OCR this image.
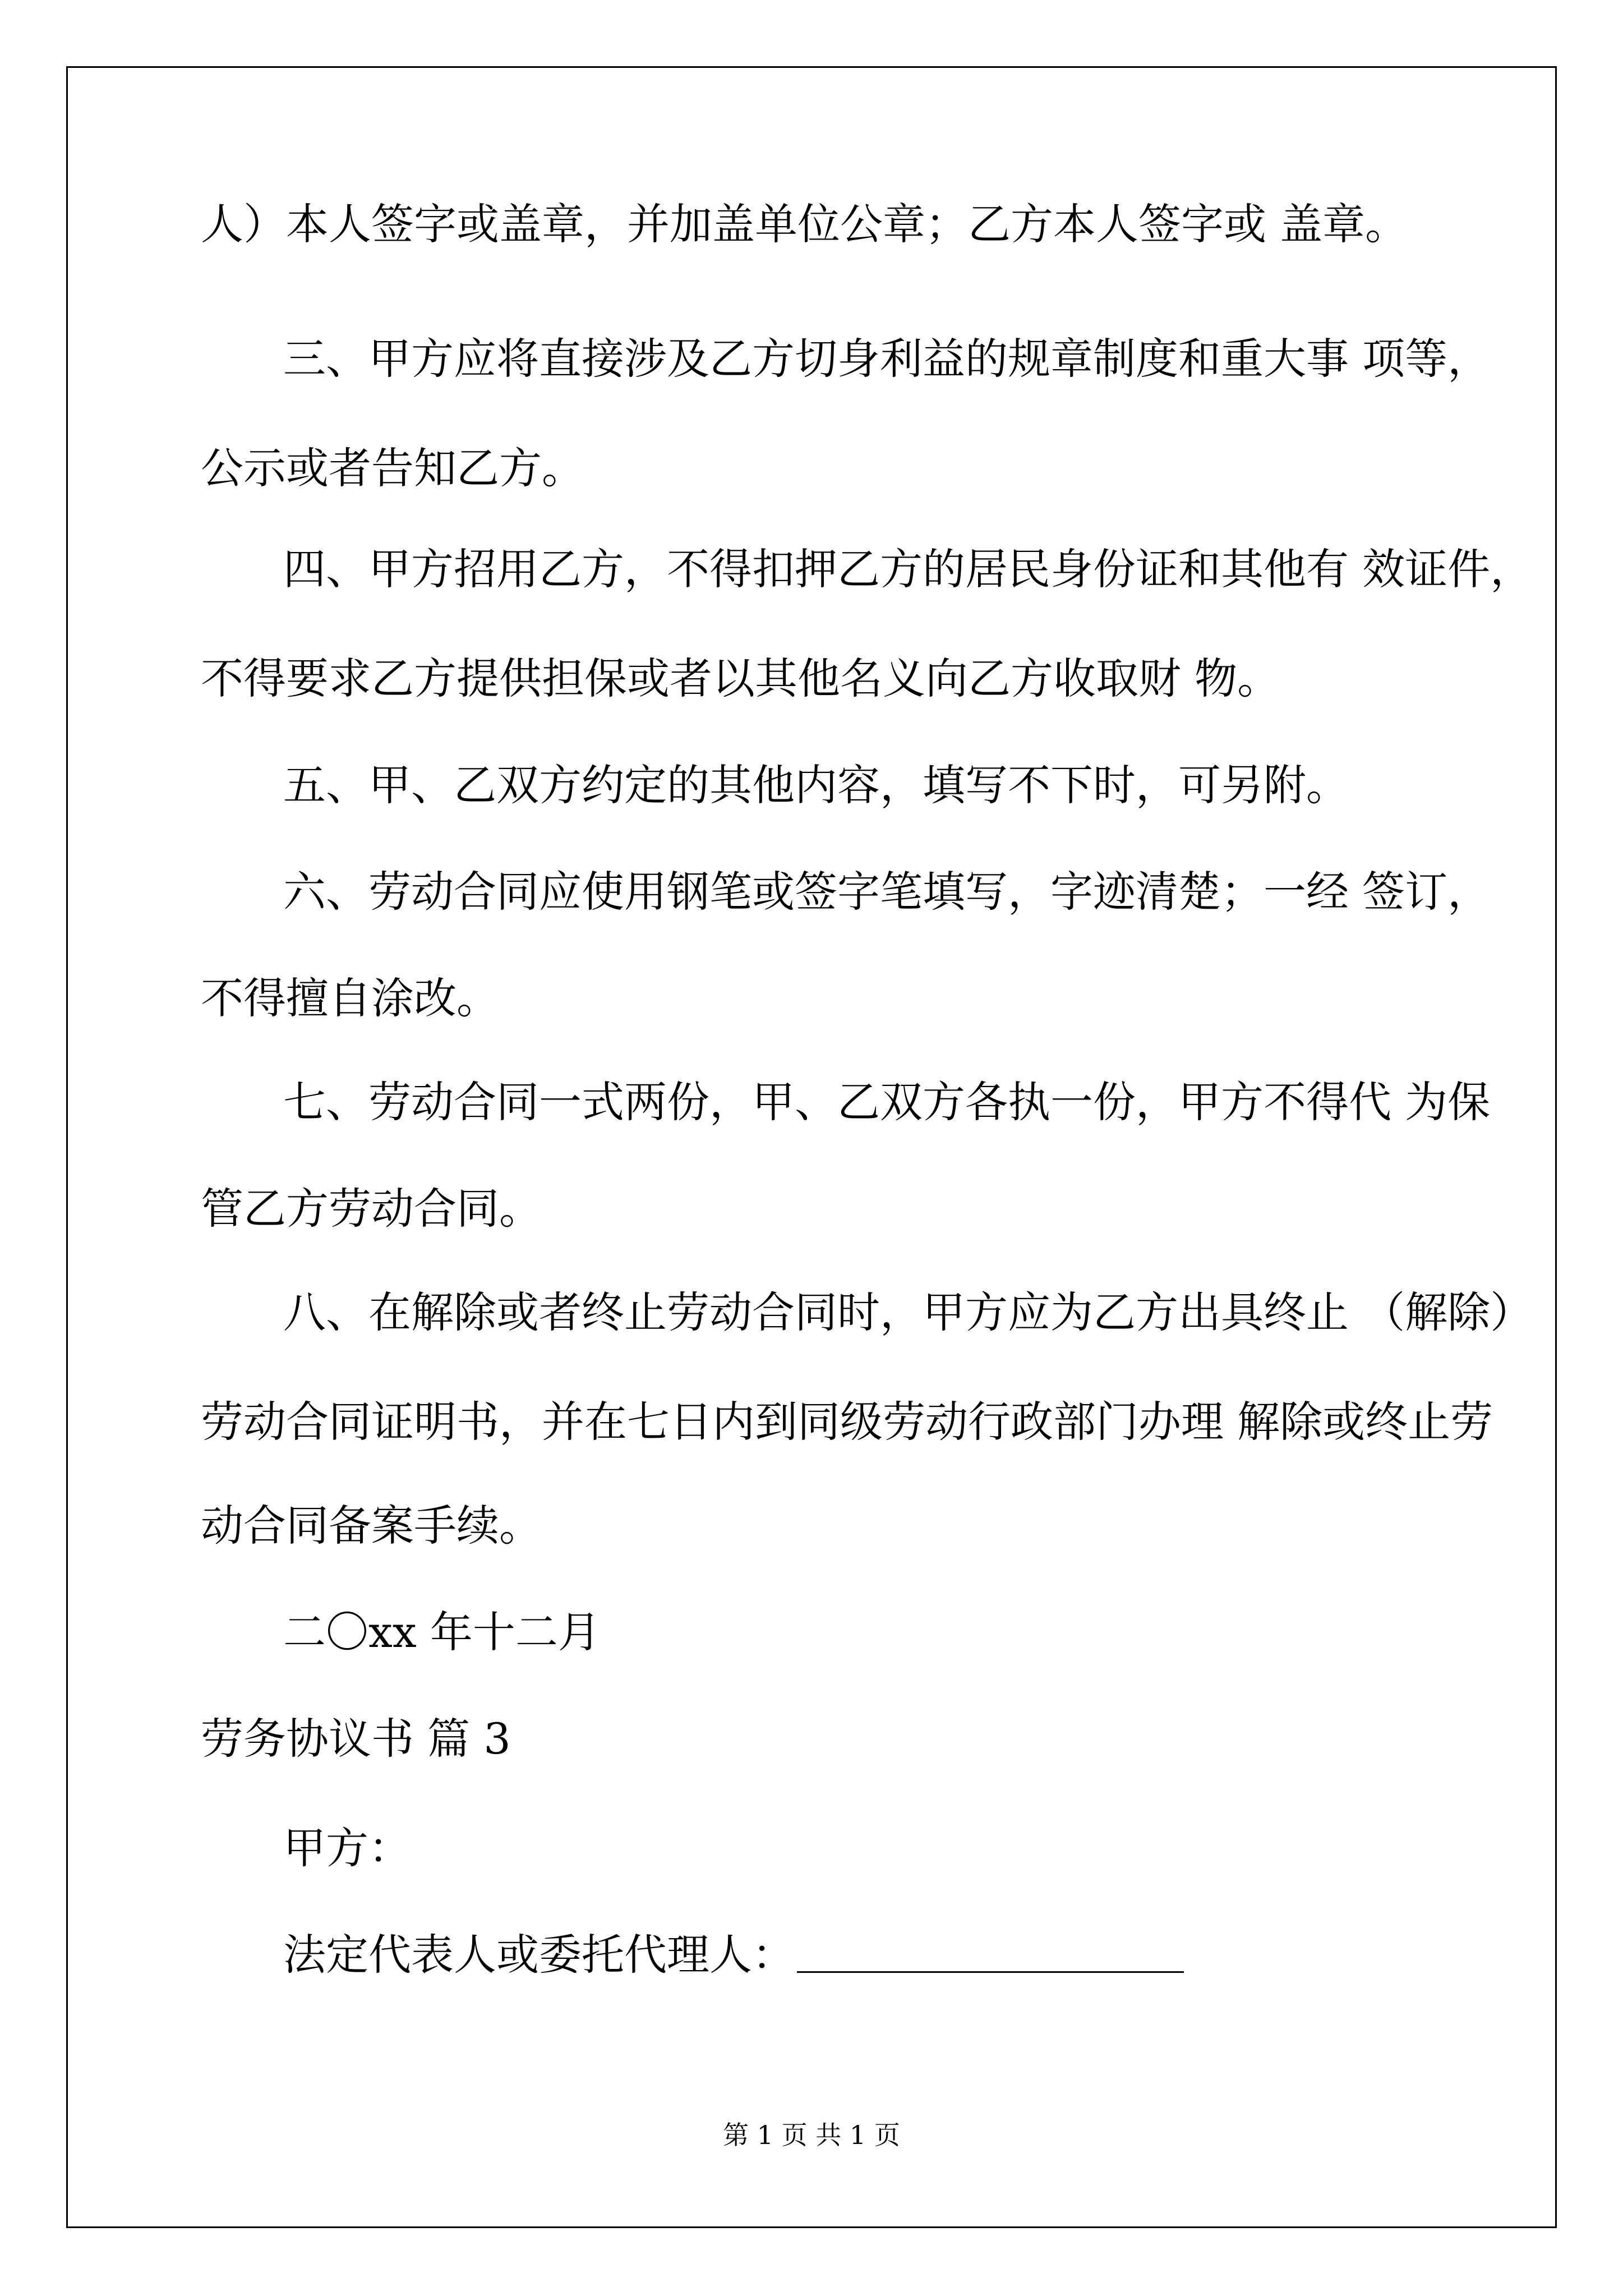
人）本人签字或盖章，并加盖单位公章；乙方本人签字或 盖章。
三、甲方应将直接涉及乙方切身利益的规章制度和重大事 项等，
公示或者告知乙方。
四、甲方招用乙方，不得扣押乙方的居民身份证和其他有 效证件，
不得要求乙方提供担保或者以其他名义向乙方收取财 物。
五、甲、乙双方约定的其他内容，填写不下时，可另附。
六、劳动合同应使用钢笔或签字笔填写，字迹清楚；一经 签订，
不得擅自涂改。
七、劳动合同一式两份，甲、乙双方各执一份，甲方不得代 为保
管乙方劳动合同。
八、在解除或者终止劳动合同时，甲方应为乙方出具终止 （解除）
劳动合同证明书，并在七日内到同级劳动行政部门办理 解除或终止劳
动合同备案手续。
二〇xx 年十二月
劳务协议书 篇 3
甲方：
法定代表人或委托代理人：
第 1 页 共 1 页
